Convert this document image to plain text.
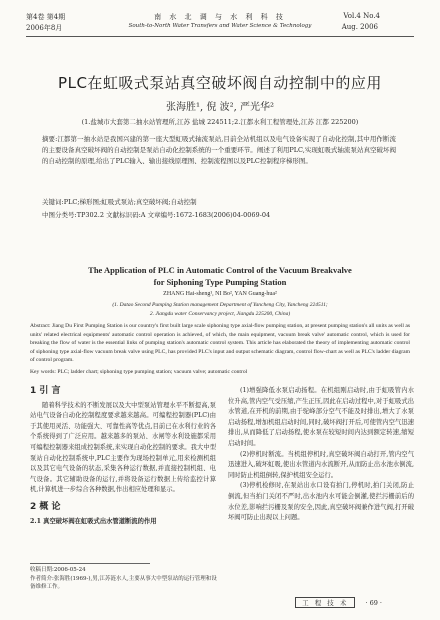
第4卷 第4期
2006年8月
南 水 北 调 与 水 利 科 技
South-to-North Water Transfers and Water Science & Technology
Vol.4 No.4
Aug. 2006
PLC在虹吸式泵站真空破坏阀自动控制中的应用
张海胜¹, 倪 波², 严光华²
(1.盐城市大套第二抽水站管理所,江苏 盐城 224511;2.江都水利工程管理处,江苏 江都 225200)
摘要:江都第一抽水站是我国兴建的第一座大型虹吸式轴流泵站,目前全站机组以及电气设备实现了自动化控制,其中用作断流的主要设备真空破坏阀的自动控制是泵站自动化控制系统的一个重要环节。阐述了利用PLC,实现虹吸式轴流泵站真空破坏阀的自动控制的原理,给出了PLC输入、输出接线原理图、控制流程图以及PLC控制程序梯形图。
关键词:PLC;梯形图;虹吸式泵站;真空破坏阀;自动控制
中图分类号:TP302.2 文献标识码:A 文章编号:1672-1683(2006)04-0069-04
The Application of PLC in Automatic Control of the Vacuum Breakvalve
for Siphoning Type Pumping Station
ZHANG Hai-sheng¹, NI Bo², YAN Guang-hua²
(1. Datao Second Pumping Station management Department of Yancheng City, Yancheng 224511;
2. Jiangdu water Conservancy project, Jiangdu 225200, China)
Abstract: Jiang Du First Pumping Station is our country's first built large scale siphoning type axial-flow pumping station, at present pumping station's all units as well as units' related electrical equipments' automatic control operation is achieved, of which, the main equipment, vacuum break valve' automatic control, which is used for breaking the flow of water is the essential links of pumping station's automatic control system. This article has elaborated the theory of implementing automatic control of siphoning type axial-flow vacuum break valve using PLC, has provided PLC's input and output schematic diagram, control flow-chart as well as PLC's ladder diagram of control program.
Key words: PLC; ladder chart; siphoning type pumping station; vacuum valve; automatic control
1 引 言

随着科学技术的不断发展以及大中型泵站管理水平不断提高,泵站电气设备自动化控制程度要求越来越高。可编程控制器(PLC)由于其使用灵活、功能强大、可靠性高等优点,目前已在水利行业的各个系统得到了广泛应用。越来越多的泵站、水闸等水利设施都采用可编程控制器来组成控制系统,来实现自动化控制的要求。我大中型泵站自动化控制系统中,PLC主要作为现场控制单元,用来检测机组以及其它电气设备的状态,采集各种运行数据,并直接控制机组、电气设备。其它辅助设备的运行,并将设备运行数据上传给监控计算机,计算机进一步综合各种数据,作出相应处理和显示。

2 概 论
2.1 真空破坏阀在虹吸式出水管道断流的作用

(1)增强降低水泵启动扬程。在机组刚启动时,由于虹吸管内水位升高,管内空气受压缩,产生正压,因此在启动过程中,对于虹吸式出水管道,在开机的前期,由于驼峰部分空气不能及时排出,增大了水泵启动扬程,增加机组启动时间,同时,破坏阀打开后,可使管内空气迅速排出,从而降低了启动扬程,使水泵在较短时间内达到额定转速,缩短启动时间。

(2)停机时断流。当机组停机时,真空破坏阀自动打开,管内空气迅速进入,破坏虹吸,使出水管道内水流断开,从而防止出水池水倒流,同时防止机组倒转,保护机组安全运行。

(3)停机检修时,在泵站出水口设有拍门,停机时,拍门关闭,防止倒流,但当拍门关闭不严时,出水池内水可能会倒灌,使拦污栅前后的水位差,影响拦污栅及泵的安全,因此,真空破坏阀兼作进气阀,打开破坏阀可防止出现以上问题。

收稿日期:2006-05-24
作者简介:张海胜(1969-),男,江苏涟水人,主要从事大中型泵站的运行管理和设备维修工作。
工 程 技 术	· 69 ·
